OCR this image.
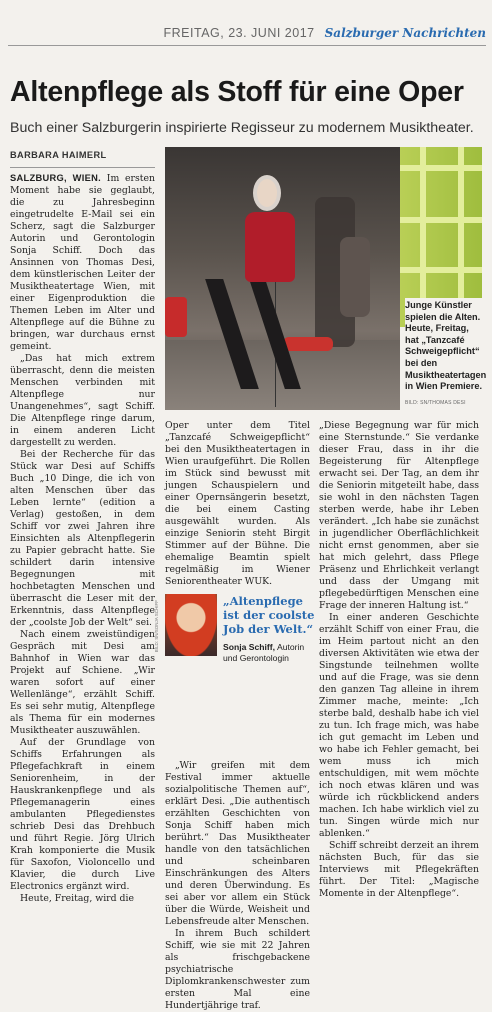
FREITAG, 23. JUNI 2017 Salzburger Nachrichten
Altenpflege als Stoff für eine Oper
Buch einer Salzburgerin inspirierte Regisseur zu modernem Musiktheater.
BARBARA HAIMERL

SALZBURG, WIEN. Im ersten Moment habe sie geglaubt, die zu Jahresbeginn eingetrudelte E-Mail sei ein Scherz, sagt die Salzburger Autorin und Gerontologin Sonja Schiff. Doch das Ansinnen von Thomas Desi, dem künstlerischen Leiter der Musiktheatertage Wien, mit einer Eigenproduktion die Themen Leben im Alter und Altenpflege auf die Bühne zu bringen, war durchaus ernst gemeint.

„Das hat mich extrem überrascht, denn die meisten Menschen verbinden mit Altenpflege nur Unangenehmes“, sagt Schiff. Die Altenpflege ringe darum, in einem anderen Licht dargestellt zu werden.

Bei der Recherche für das Stück war Desi auf Schiffs Buch „10 Dinge, die ich von alten Menschen über das Leben lernte“ (edition a Verlag) gestoßen, in dem Schiff vor zwei Jahren ihre Einsichten als Altenpflegerin zu Papier gebracht hatte. Sie schildert darin intensive Begegnungen mit hochbetagten Menschen und überrascht die Leser mit der Erkenntnis, dass Altenpflege der „coolste Job der Welt“ sei.

Nach einem zweistündigen Gespräch mit Desi am Bahnhof in Wien war das Projekt auf Schiene. „Wir waren sofort auf einer Wellenlänge“, erzählt Schiff. Es sei sehr mutig, Altenpflege als Thema für ein modernes Musiktheater auszuwählen.

Auf der Grundlage von Schiffs Erfahrungen als Pflegefachkraft in einem Seniorenheim, in der Hauskrankenpflege und als Pflegemanagerin eines ambulanten Pflegedienstes schrieb Desi das Drehbuch und führt Regie. Jörg Ulrich Krah komponierte die Musik für Saxofon, Violoncello und Klavier, die durch Live Electronics ergänzt wird.

Heute, Freitag, wird die

Junge Künstler spielen die Alten. Heute, Freitag, hat „Tanzcafé Schweigepflicht“ bei den Musiktheatertagen in Wien Premiere.
BILD: SN/THOMAS DESI

Oper unter dem Titel „Tanzcafé Schweigepflicht“ bei den Musiktheatertagen in Wien uraufgeführt. Die Rollen im Stück sind bewusst mit jungen Schauspielern und einer Opernsängerin besetzt, die bei einem Casting ausgewählt wurden. Als einzige Seniorin steht Birgit Stimmer auf der Bühne. Die ehemalige Beamtin spielt regelmäßig im Wiener Seniorentheater WUK.

BILD: SN/SONJA SCHIFF	„Altenpflege ist der coolste Job der Welt.“
Sonja Schiff, Autorin und Gerontologin

„Wir greifen mit dem Festival immer aktuelle sozialpolitische Themen auf“, erklärt Desi. „Die authentisch erzählten Geschichten von Sonja Schiff haben mich berührt.“ Das Musiktheater handle von den tatsächlichen und scheinbaren Einschränkungen des Alters und deren Überwindung. Es sei aber vor allem ein Stück über die Würde, Weisheit und Lebensfreude alter Menschen.

In ihrem Buch schildert Schiff, wie sie mit 22 Jahren als frischgebackene psychiatrische Diplomkrankenschwester zum ersten Mal eine Hundertjährige traf.

„Diese Begegnung war für mich eine Sternstunde.“ Sie verdanke dieser Frau, dass in ihr die Begeisterung für Altenpflege erwacht sei. Der Tag, an dem ihr die Seniorin mitgeteilt habe, dass sie wohl in den nächsten Tagen sterben werde, habe ihr Leben verändert. „Ich habe sie zunächst in jugendlicher Oberflächlichkeit nicht ernst genommen, aber sie hat mich gelehrt, dass Pflege Präsenz und Ehrlichkeit verlangt und dass der Umgang mit pflegebedürftigen Menschen eine Frage der inneren Haltung ist.“

In einer anderen Geschichte erzählt Schiff von einer Frau, die im Heim partout nicht an den diversen Aktivitäten wie etwa der Singstunde teilnehmen wollte und auf die Frage, was sie denn den ganzen Tag alleine in ihrem Zimmer mache, meinte: „Ich sterbe bald, deshalb habe ich viel zu tun. Ich frage mich, was habe ich gut gemacht im Leben und wo habe ich Fehler gemacht, bei wem muss ich mich entschuldigen, mit wem möchte ich noch etwas klären und was würde ich rückblickend anders machen. Ich habe wirklich viel zu tun. Singen würde mich nur ablenken.“

Schiff schreibt derzeit an ihrem nächsten Buch, für das sie Interviews mit Pflegekräften führt. Der Titel: „Magische Momente in der Altenpflege“.
